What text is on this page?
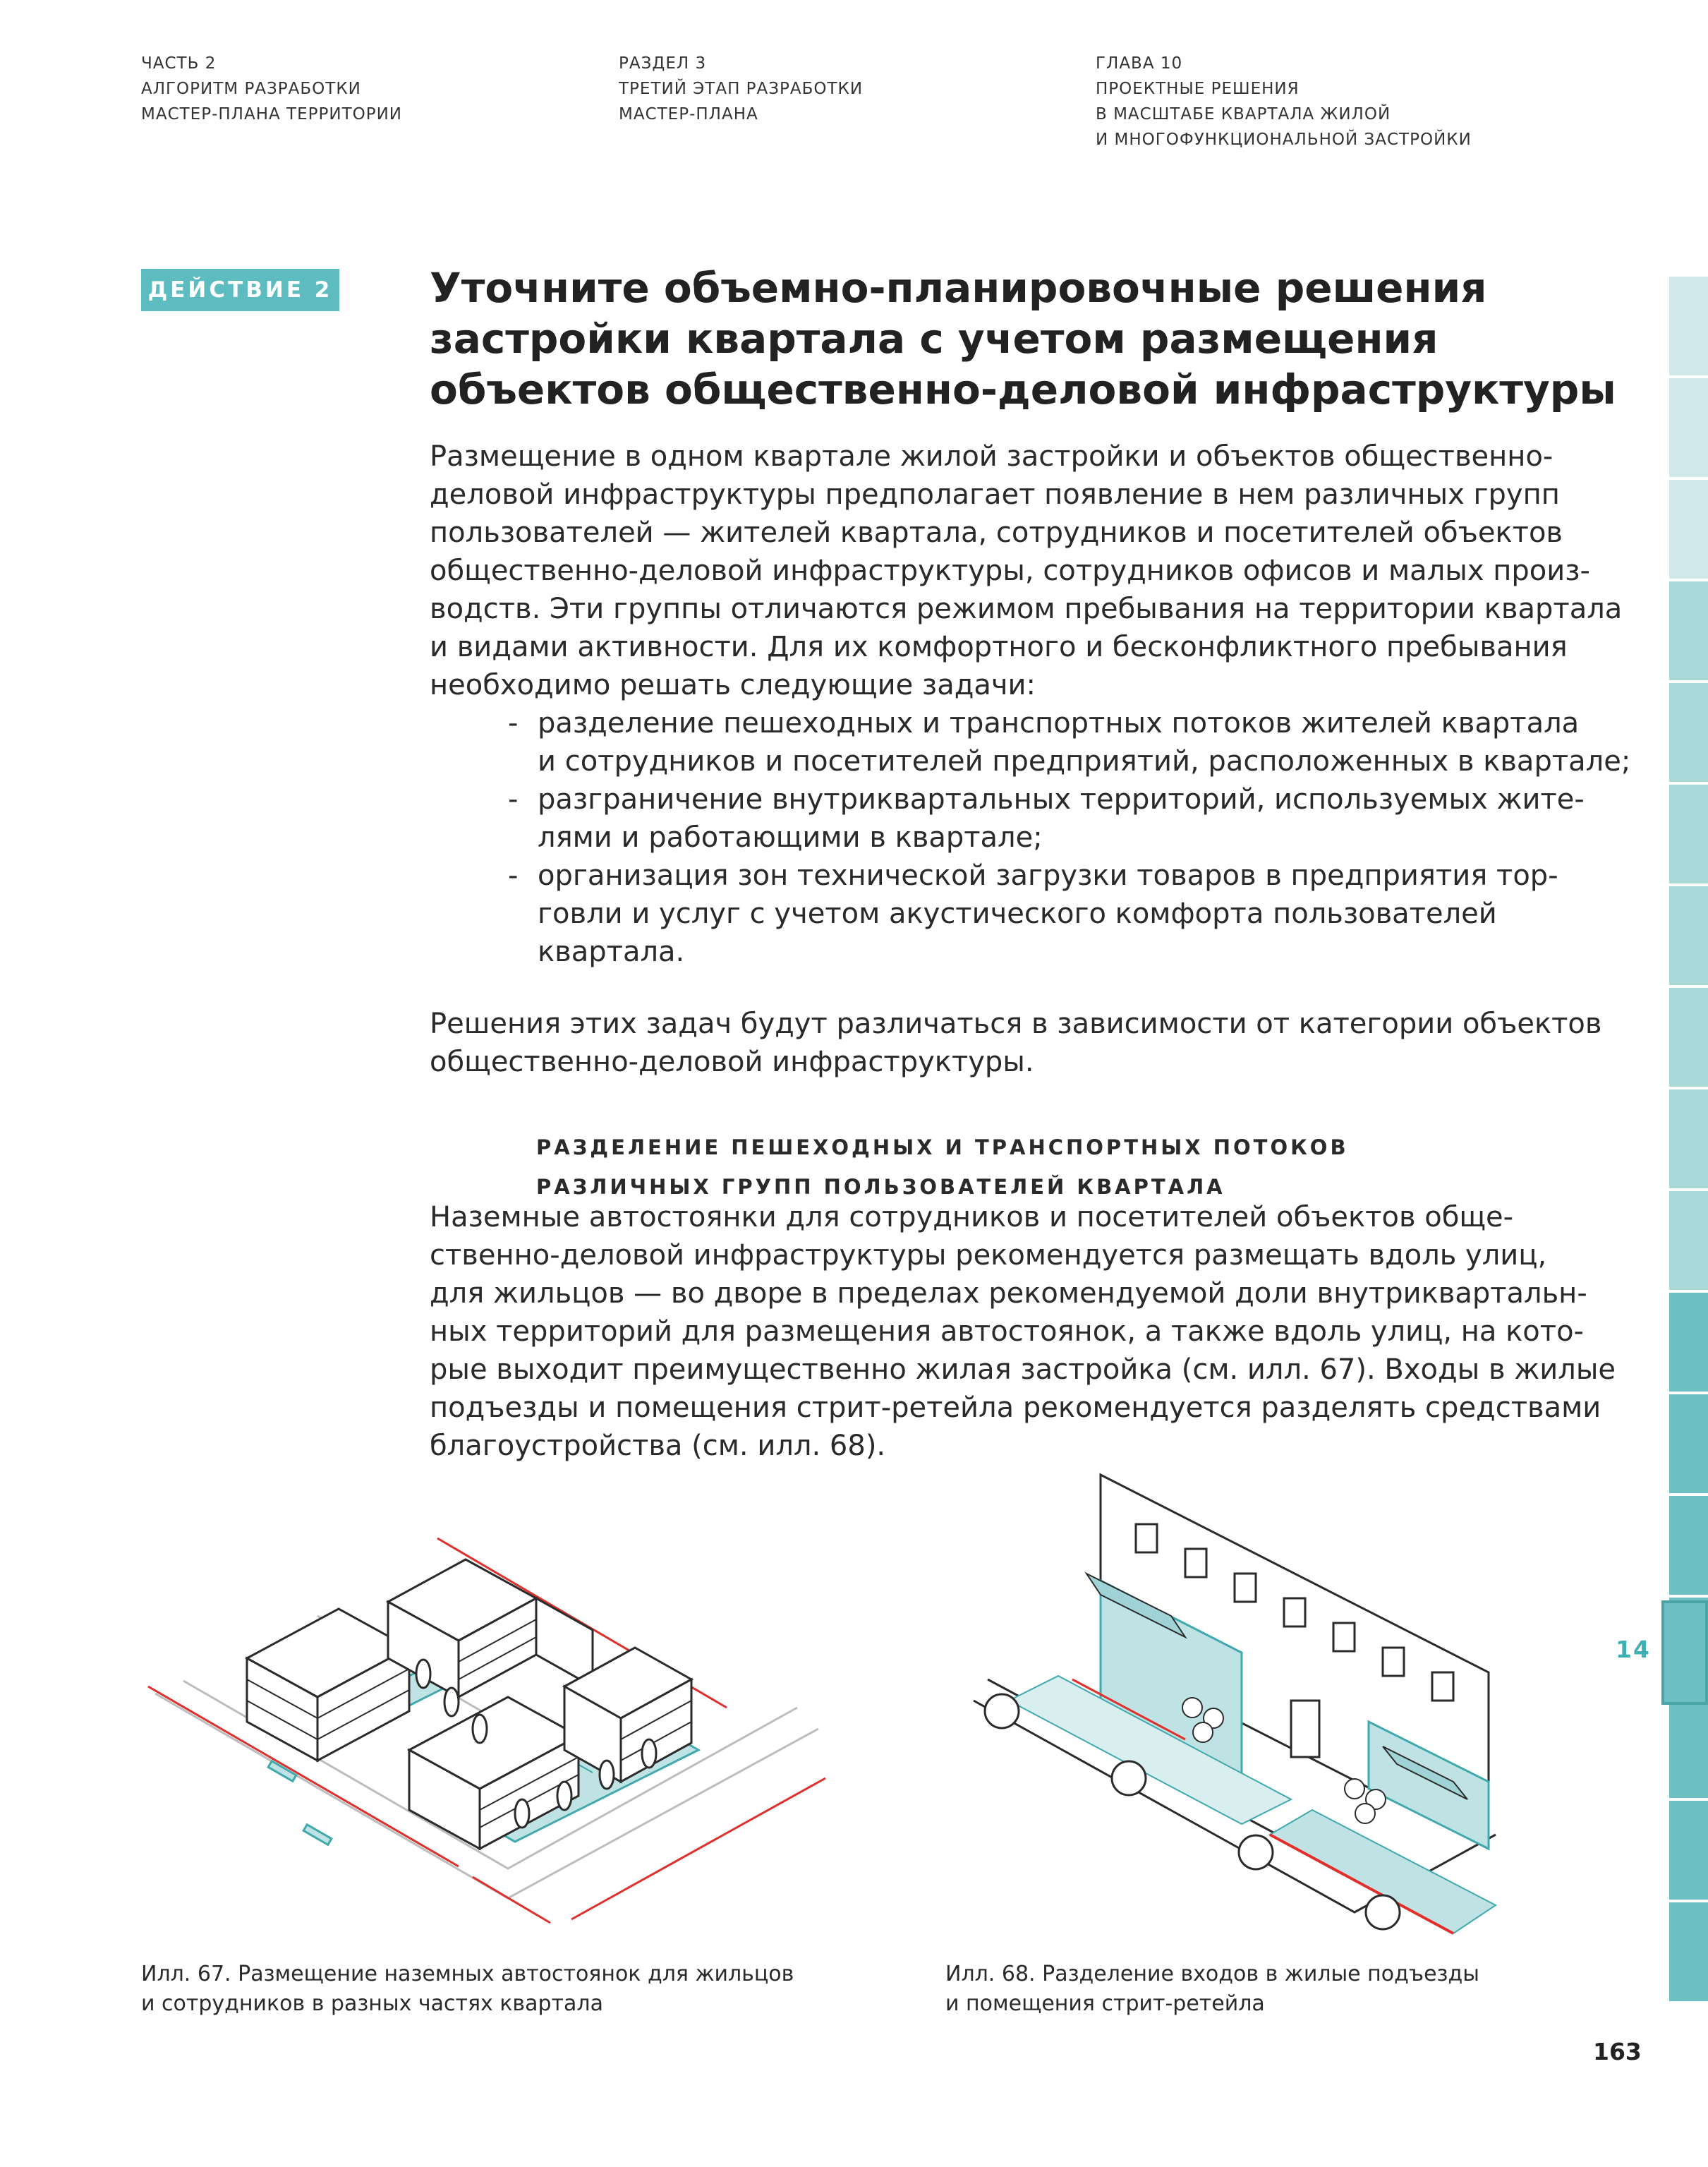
ЧАСТЬ 2
АЛГОРИТМ РАЗРАБОТКИ
МАСТЕР-ПЛАНА ТЕРРИТОРИИ
РАЗДЕЛ 3
ТРЕТИЙ ЭТАП РАЗРАБОТКИ
МАСТЕР-ПЛАНА
ГЛАВА 10
ПРОЕКТНЫЕ РЕШЕНИЯ
В МАСШТАБЕ КВАРТАЛА ЖИЛОЙ
И МНОГОФУНКЦИОНАЛЬНОЙ ЗАСТРОЙКИ
ДЕЙСТВИЕ 2 Уточните объемно-планировочные решения
застройки квартала с учетом размещения
объектов общественно-деловой инфраструктуры
Размещение в одном квартале жилой застройки и объектов общественно-
деловой инфраструктуры предполагает появление в нем различных групп
пользователей — жителей квартала, сотрудников и посетителей объектов
общественно-деловой инфраструктуры, сотрудников офисов и малых произ-
водств. Эти группы отличаются режимом пребывания на территории квартала
и видами активности. Для их комфортного и бесконфликтного пребывания
необходимо решать следующие задачи:
- разделение пешеходных и транспортных потоков жителей квартала
и сотрудников и посетителей предприятий, расположенных в квартале;
- разграничение внутриквартальных территорий, используемых жите-
лями и работающими в квартале;
- организация зон технической загрузки товаров в предприятия тор-
говли и услуг с учетом акустического комфорта пользователей
квартала.
Решения этих задач будут различаться в зависимости от категории объектов
общественно-деловой инфраструктуры.
РАЗДЕЛЕНИЕ ПЕШЕХОДНЫХ И ТРАНСПОРТНЫХ ПОТОКОВ
РАЗЛИЧНЫХ ГРУПП ПОЛЬЗОВАТЕЛЕЙ КВАРТАЛА
Наземные автостоянки для сотрудников и посетителей объектов обще-
ственно-деловой инфраструктуры рекомендуется размещать вдоль улиц,
для жильцов — во дворе в пределах рекомендуемой доли внутриквартальн-
ных территорий для размещения автостоянок, а также вдоль улиц, на кото-
рые выходит преимущественно жилая застройка (см. илл. 67). Входы в жилые
подъезды и помещения стрит-ретейла рекомендуется разделять средствами
благоустройства (см. илл. 68).
Илл. 67. Размещение наземных автостоянок для жильцов
и сотрудников в разных частях квартала
Илл. 68. Разделение входов в жилые подъезды
и помещения стрит-ретейла
14
163
